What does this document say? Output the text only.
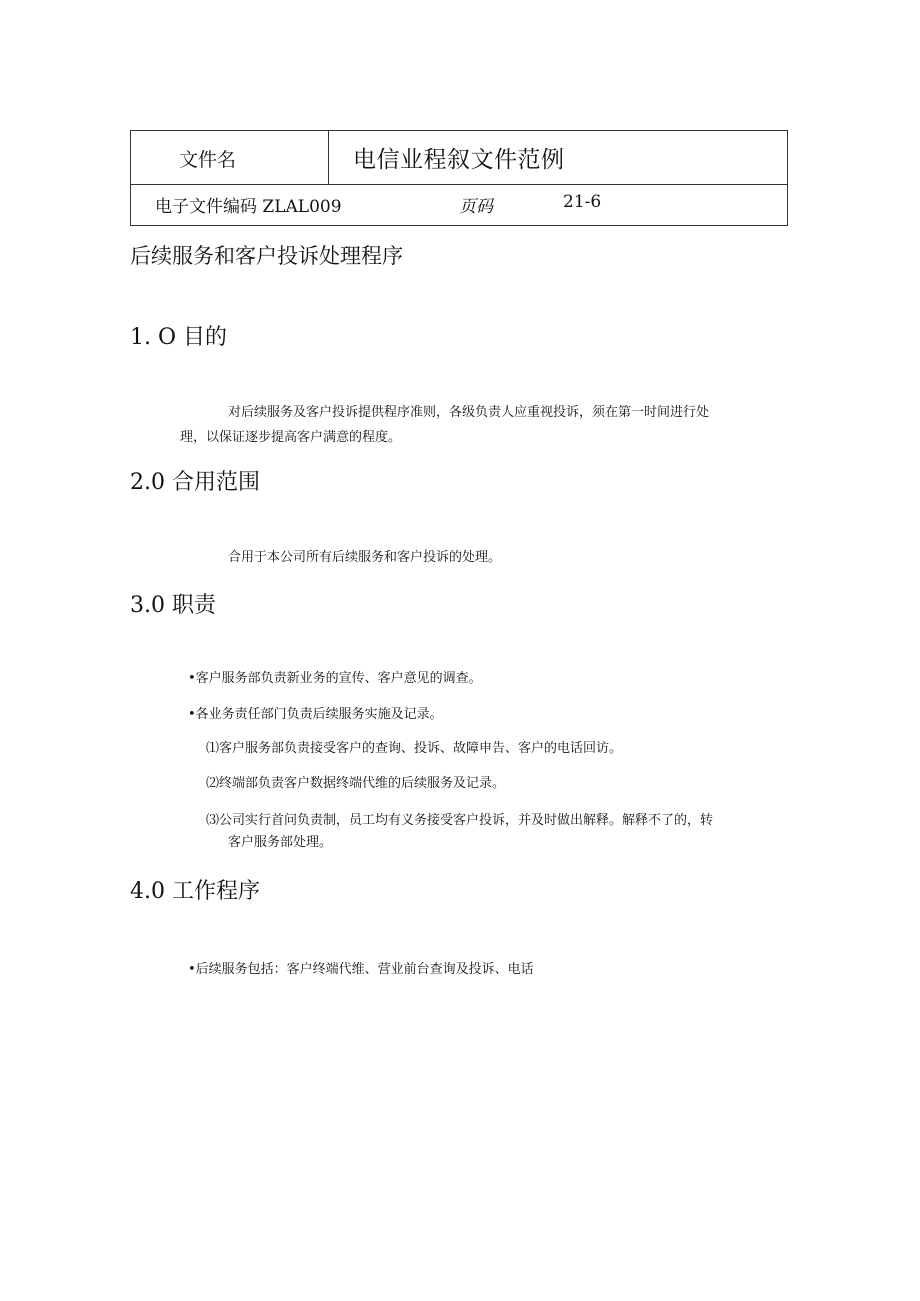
文件名	电信业程叙文件范例
电子文件编码 ZLAL009	页码	21-6
后续服务和客户投诉处理程序
1. O 目的
对后续服务及客户投诉提供程序准则，各级负责人应重视投诉，须在第一时间进行处
理，以保证逐步提高客户满意的程度。
2.0 合用范围
合用于本公司所有后续服务和客户投诉的处理。
3.0 职责
•客户服务部负责新业务的宣传、客户意见的调查。
•各业务责任部门负责后续服务实施及记录。
⑴客户服务部负责接受客户的查询、投诉、故障申告、客户的电话回访。
⑵终端部负责客户数据终端代维的后续服务及记录。
⑶公司实行首问负责制，员工均有义务接受客户投诉，并及时做出解释。解释不了的，转
客户服务部处理。
4.0 工作程序
•后续服务包括：客户终端代维、营业前台查询及投诉、电话
